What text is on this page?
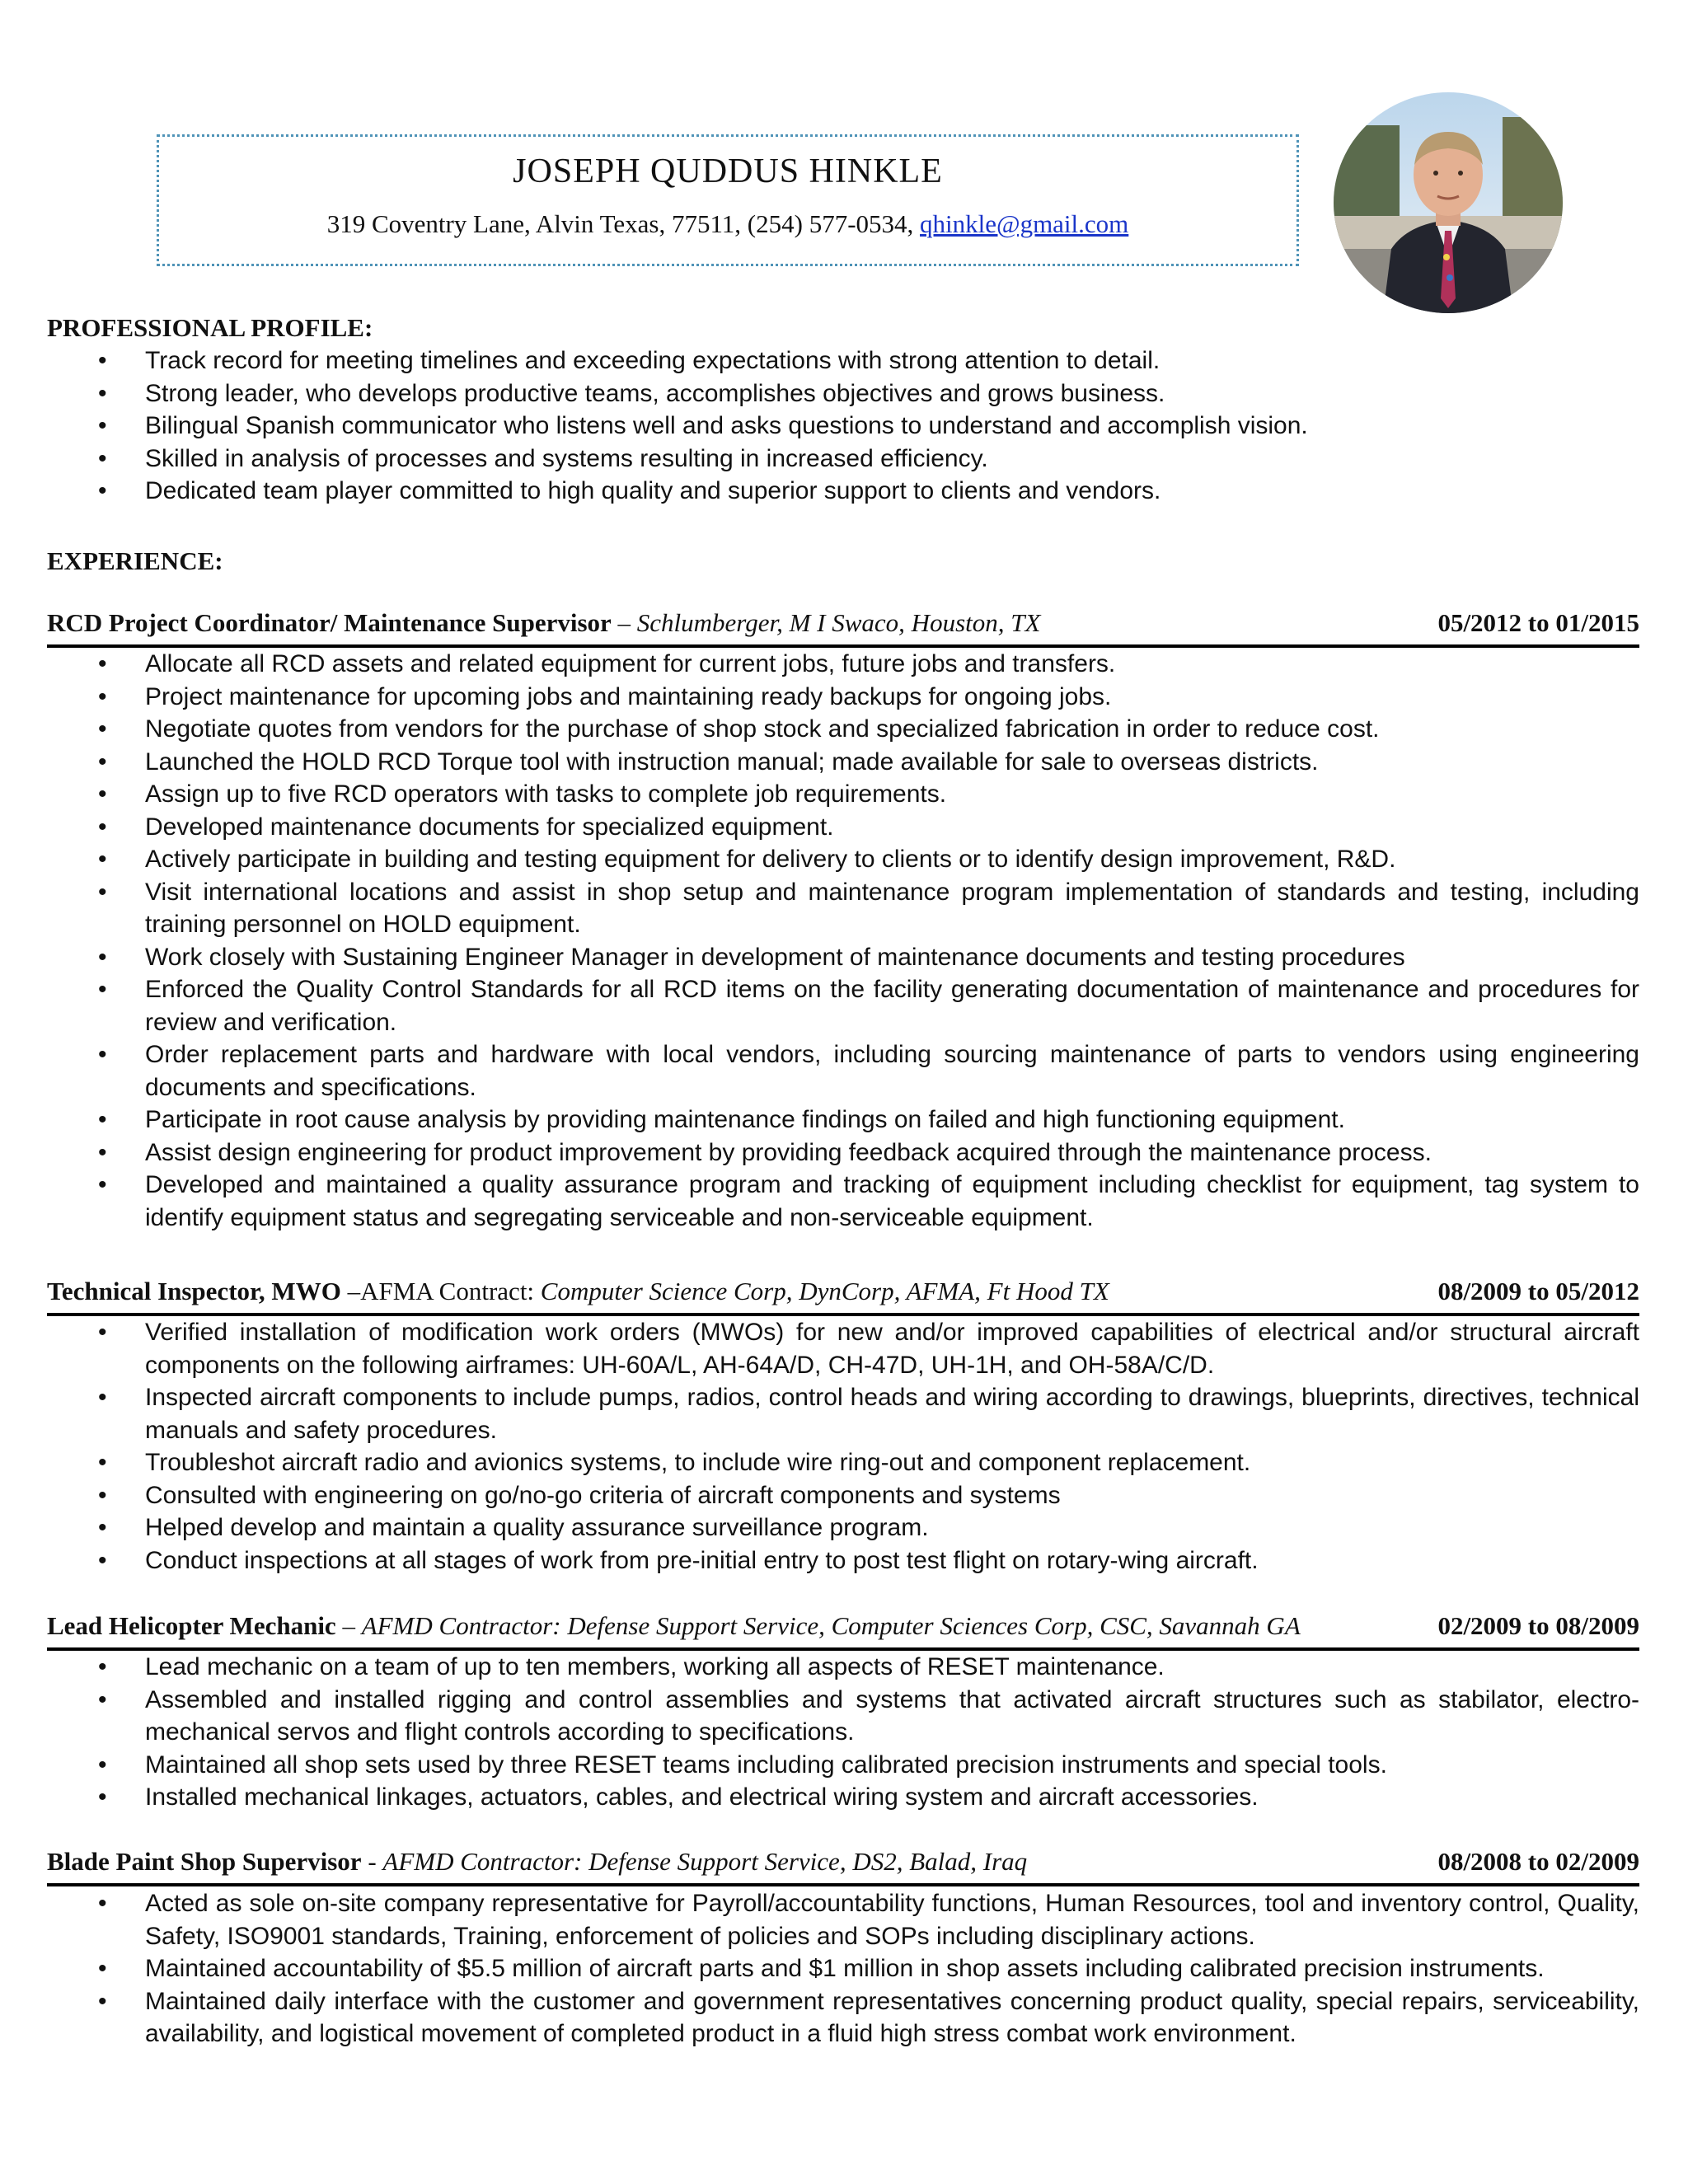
JOSEPH QUDDUS HINKLE
319 Coventry Lane, Alvin Texas, 77511, (254) 577-0534, qhinkle@gmail.com
PROFESSIONAL PROFILE:
• Track record for meeting timelines and exceeding expectations with strong attention to detail.
• Strong leader, who develops productive teams, accomplishes objectives and grows business.
• Bilingual Spanish communicator who listens well and asks questions to understand and accomplish vision.
• Skilled in analysis of processes and systems resulting in increased efficiency.
• Dedicated team player committed to high quality and superior support to clients and vendors.
EXPERIENCE:
RCD Project Coordinator/ Maintenance Supervisor – Schlumberger, M I Swaco, Houston, TX	05/2012 to 01/2015
• Allocate all RCD assets and related equipment for current jobs, future jobs and transfers.
• Project maintenance for upcoming jobs and maintaining ready backups for ongoing jobs.
• Negotiate quotes from vendors for the purchase of shop stock and specialized fabrication in order to reduce cost.
• Launched the HOLD RCD Torque tool with instruction manual; made available for sale to overseas districts.
• Assign up to five RCD operators with tasks to complete job requirements.
• Developed maintenance documents for specialized equipment.
• Actively participate in building and testing equipment for delivery to clients or to identify design improvement, R&D.
• Visit international locations and assist in shop setup and maintenance program implementation of standards and testing, including training personnel on HOLD equipment.
• Work closely with Sustaining Engineer Manager in development of maintenance documents and testing procedures
• Enforced the Quality Control Standards for all RCD items on the facility generating documentation of maintenance and procedures for review and verification.
• Order replacement parts and hardware with local vendors, including sourcing maintenance of parts to vendors using engineering documents and specifications.
• Participate in root cause analysis by providing maintenance findings on failed and high functioning equipment.
• Assist design engineering for product improvement by providing feedback acquired through the maintenance process.
• Developed and maintained a quality assurance program and tracking of equipment including checklist for equipment, tag system to identify equipment status and segregating serviceable and non-serviceable equipment.
Technical Inspector, MWO –AFMA Contract: Computer Science Corp, DynCorp, AFMA, Ft Hood TX	08/2009 to 05/2012
• Verified installation of modification work orders (MWOs) for new and/or improved capabilities of electrical and/or structural aircraft components on the following airframes: UH-60A/L, AH-64A/D, CH-47D, UH-1H, and OH-58A/C/D.
• Inspected aircraft components to include pumps, radios, control heads and wiring according to drawings, blueprints, directives, technical manuals and safety procedures.
• Troubleshot aircraft radio and avionics systems, to include wire ring-out and component replacement.
• Consulted with engineering on go/no-go criteria of aircraft components and systems
• Helped develop and maintain a quality assurance surveillance program.
• Conduct inspections at all stages of work from pre-initial entry to post test flight on rotary-wing aircraft.
Lead Helicopter Mechanic – AFMD Contractor: Defense Support Service, Computer Sciences Corp, CSC, Savannah GA	02/2009 to 08/2009
• Lead mechanic on a team of up to ten members, working all aspects of RESET maintenance.
• Assembled and installed rigging and control assemblies and systems that activated aircraft structures such as stabilator, electro- mechanical servos and flight controls according to specifications.
• Maintained all shop sets used by three RESET teams including calibrated precision instruments and special tools.
• Installed mechanical linkages, actuators, cables, and electrical wiring system and aircraft accessories.
Blade Paint Shop Supervisor - AFMD Contractor: Defense Support Service, DS2, Balad, Iraq	08/2008 to 02/2009
• Acted as sole on-site company representative for Payroll/accountability functions, Human Resources, tool and inventory control, Quality, Safety, ISO9001 standards, Training, enforcement of policies and SOPs including disciplinary actions.
• Maintained accountability of $5.5 million of aircraft parts and $1 million in shop assets including calibrated precision instruments.
• Maintained daily interface with the customer and government representatives concerning product quality, special repairs, serviceability, availability, and logistical movement of completed product in a fluid high stress combat work environment.
